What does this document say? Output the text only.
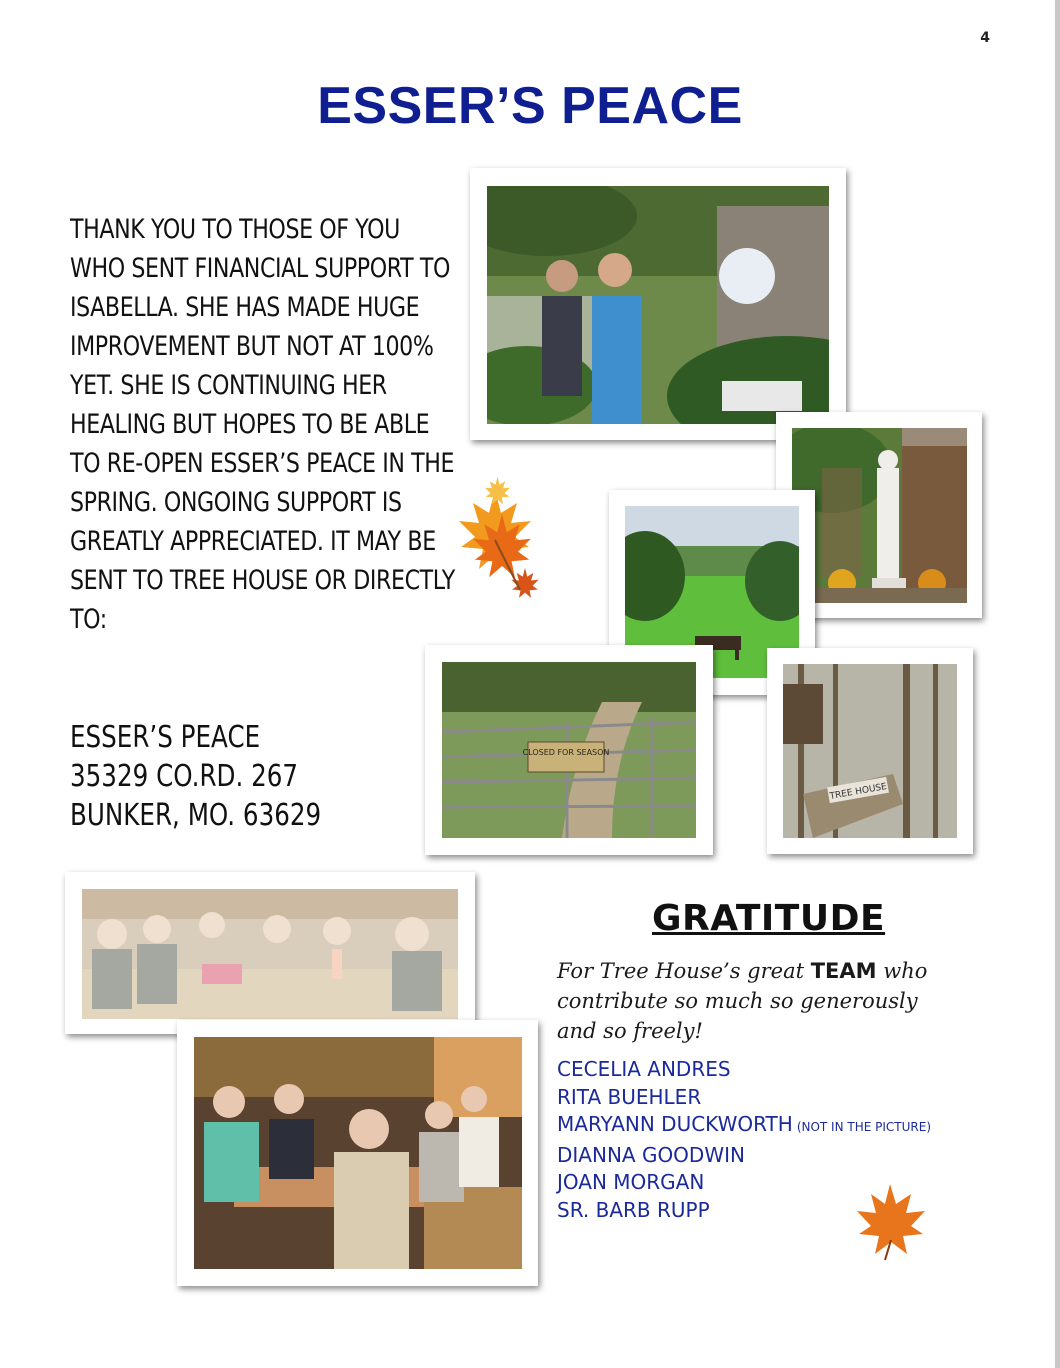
4
ESSER’S PEACE

THANK YOU TO THOSE OF YOU WHO SENT FINANCIAL SUPPORT TO ISABELLA. SHE HAS MADE HUGE IMPROVEMENT BUT NOT AT 100% YET. SHE IS CONTINUING HER HEALING BUT HOPES TO BE ABLE TO RE-OPEN ESSER’S PEACE IN THE SPRING. ONGOING SUPPORT IS GREATLY APPRECIATED. IT MAY BE SENT TO TREE HOUSE OR DIRECTLY TO:

ESSER’S PEACE
35329 CO.RD. 267
BUNKER, MO. 63629
CLOSED FOR SEASON
TREE HOUSE
GRATITUDE

For Tree House’s great TEAM who contribute so much so generously and so freely!

CECELIA ANDRES
RITA BUEHLER
MARYANN DUCKWORTH (NOT IN THE PICTURE)
DIANNA GOODWIN
JOAN MORGAN
SR. BARB RUPP
